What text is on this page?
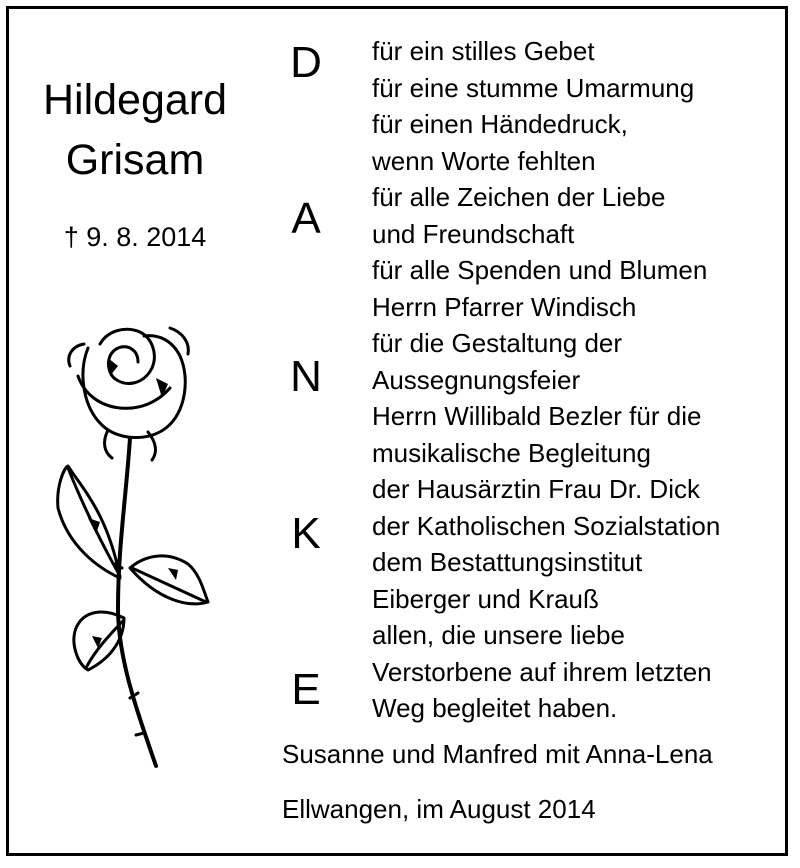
Hildegard
Grisam
† 9. 8. 2014
D
A
N
K
E
für ein stilles Gebet
für eine stumme Umarmung
für einen Händedruck,
wenn Worte fehlten
für alle Zeichen der Liebe
und Freundschaft
für alle Spenden und Blumen
Herrn Pfarrer Windisch
für die Gestaltung der
Aussegnungsfeier
Herrn Willibald Bezler für die
musikalische Begleitung
der Hausärztin Frau Dr. Dick
der Katholischen Sozialstation
dem Bestattungsinstitut
Eiberger und Krauß
allen, die unsere liebe
Verstorbene auf ihrem letzten
Weg begleitet haben.
Susanne und Manfred mit Anna-Lena
Ellwangen, im August 2014
